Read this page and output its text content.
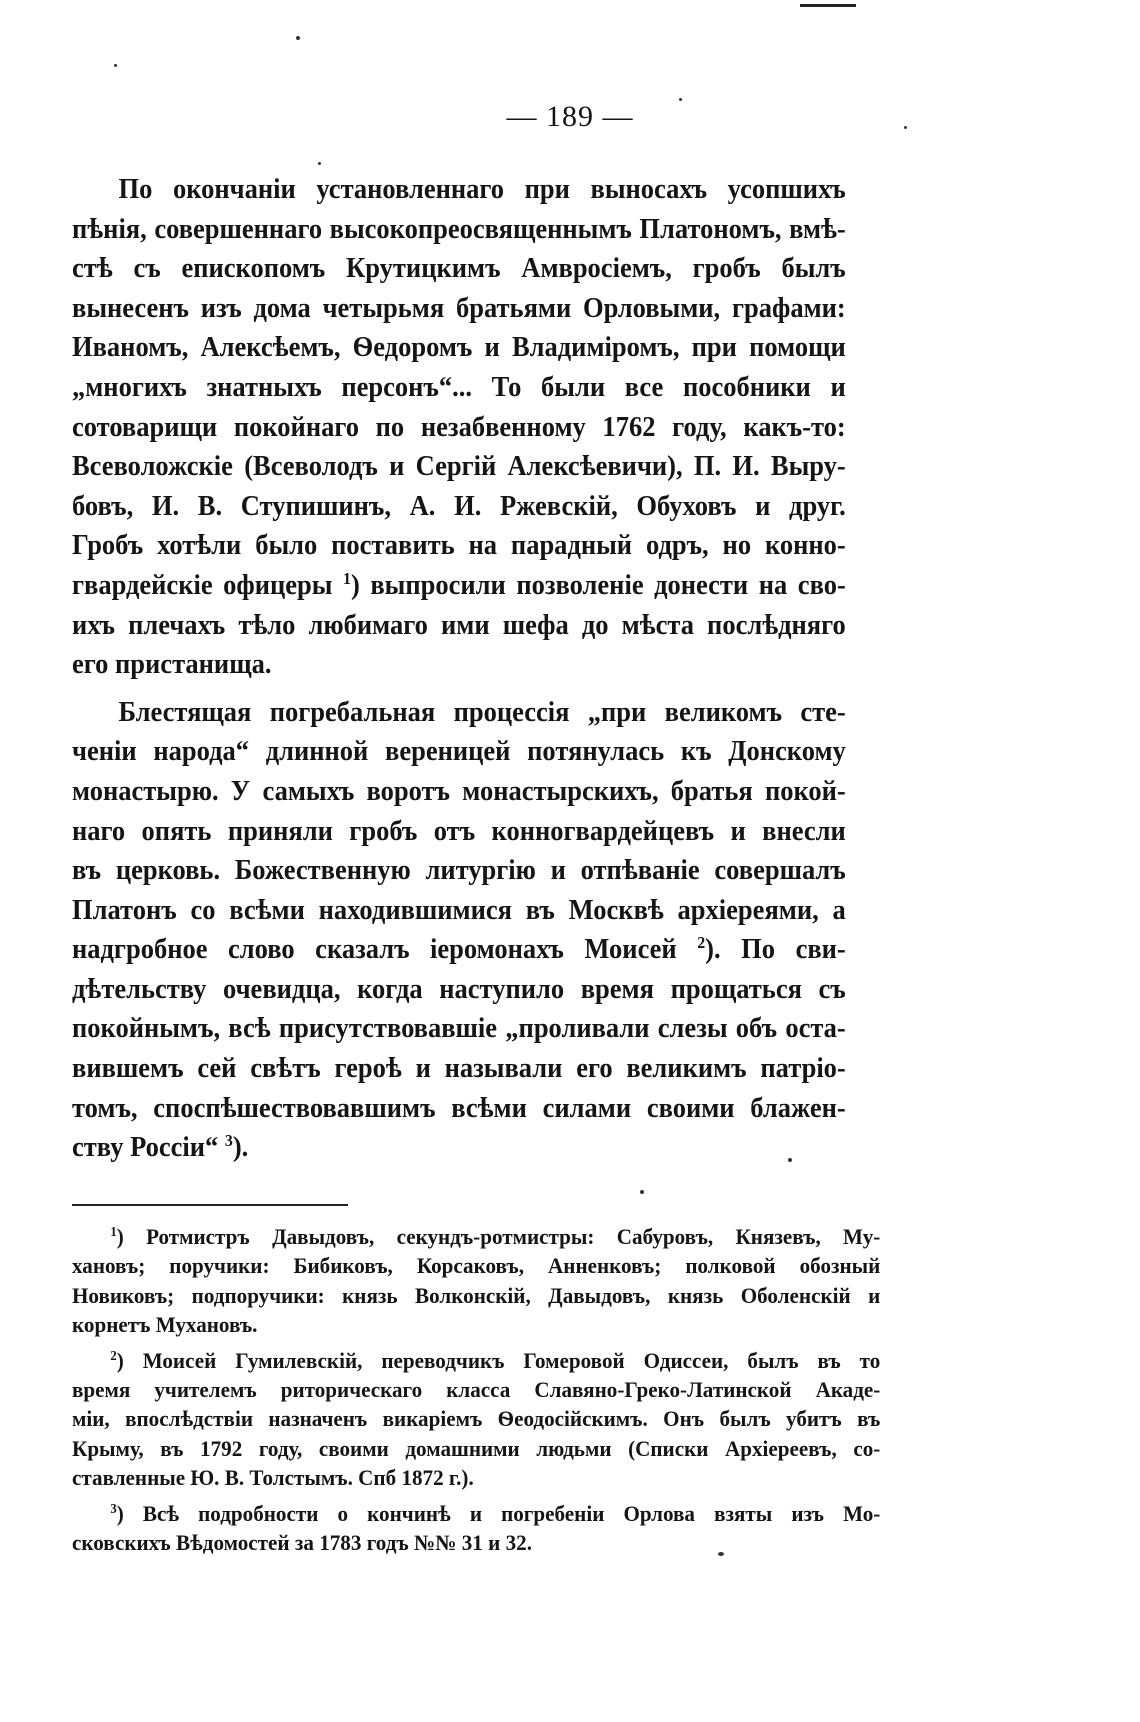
— 189 —
По окончаніи установленнаго при выносахъ усопшихъ
пѣнія, совершеннаго высокопреосвященнымъ Платономъ, вмѣ-
стѣ съ епископомъ Крутицкимъ Амвросіемъ, гробъ былъ
вынесенъ изъ дома четырьмя братьями Орловыми, графами:
Иваномъ, Алексѣемъ, Ѳедоромъ и Владиміромъ, при помощи
„многихъ знатныхъ персонъ“... То были все пособники и
сотоварищи покойнаго по незабвенному 1762 году, какъ-то:
Всеволожскіе (Всеволодъ и Сергій Алексѣевичи), П. И. Выру-
бовъ, И. В. Ступишинъ, А. И. Ржевскій, Обуховъ и друг.
Гробъ хотѣли было поставить на парадный одръ, но конно-
гвардейскіе офицеры $^1$) выпросили позволеніе донести на сво-
ихъ плечахъ тѣло любимаго ими шефа до мѣста послѣдняго
его пристанища.
Блестящая погребальная процессія „при великомъ сте-
ченіи народа“ длинной вереницей потянулась къ Донскому
монастырю. У самыхъ воротъ монастырскихъ, братья покой-
наго опять приняли гробъ отъ конногвардейцевъ и внесли
въ церковь. Божественную литургію и отпѣваніе совершалъ
Платонъ со всѣми находившимися въ Москвѣ архіереями, а
надгробное слово сказалъ іеромонахъ Моисей $^2$). По сви-
дѣтельству очевидца, когда наступило время прощаться съ
покойнымъ, всѣ присутствовавшіе „проливали слезы объ оста-
вившемъ сей свѣтъ героѣ и называли его великимъ патріо-
томъ, споспѣшествовавшимъ всѣми силами своими блажен-
ству Россіи“ $^3$).
$^1$) Ротмистръ Давыдовъ, секундъ-ротмистры: Сабуровъ, Князевъ, Му-
хановъ; поручики: Бибиковъ, Корсаковъ, Анненковъ; полковой обозный
Новиковъ; подпоручики: князь Волконскій, Давыдовъ, князь Оболенскій и
корнетъ Мухановъ.
$^2$) Моисей Гумилевскій, переводчикъ Гомеровой Одиссеи, былъ въ то
время учителемъ риторическаго класса Славяно-Греко-Латинской Акаде-
міи, впослѣдствіи назначенъ викаріемъ Ѳеодосійскимъ. Онъ былъ убитъ въ
Крыму, въ 1792 году, своими домашними людьми (Списки Архіереевъ, со-
ставленные Ю. В. Толстымъ. Спб 1872 г.).
$^3$) Всѣ подробности о кончинѣ и погребеніи Орлова взяты изъ Мо-
сковскихъ Вѣдомостей за 1783 годъ №№ 31 и 32.
